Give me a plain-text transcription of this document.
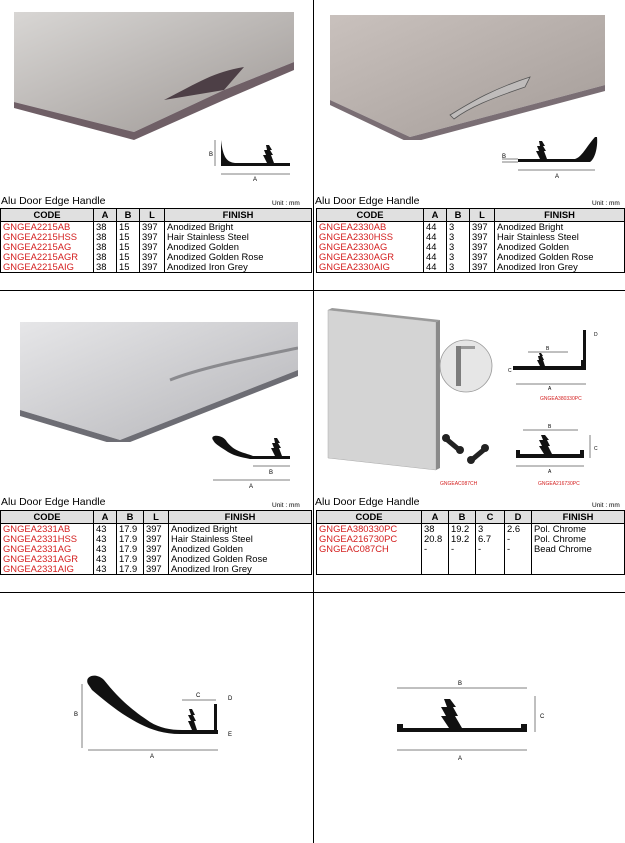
B
A
Alu Door Edge Handle	Unit : mm
CODE	A	B	L	FINISH
GNGEA2215AB	38	15	397	Anodized Bright
GNGEA2215HSS	38	15	397	Hair Stainless Steel
GNGEA2215AG	38	15	397	Anodized Golden
GNGEA2215AGR	38	15	397	Anodized Golden Rose
GNGEA2215AIG	38	15	397	Anodized Iron Grey
B
A
Alu Door Edge Handle	Unit : mm
CODE	A	B	L	FINISH
GNGEA2330AB	44	3	397	Anodized Bright
GNGEA2330HSS	44	3	397	Hair Stainless Steel
GNGEA2330AG	44	3	397	Anodized Golden
GNGEA2330AGR	44	3	397	Anodized Golden Rose
GNGEA2330AIG	44	3	397	Anodized Iron Grey
B
A
Alu Door Edge Handle	Unit : mm
CODE	A	B	L	FINISH
GNGEA2331AB	43	17.9	397	Anodized Bright
GNGEA2331HSS	43	17.9	397	Hair Stainless Steel
GNGEA2331AG	43	17.9	397	Anodized Golden
GNGEA2331AGR	43	17.9	397	Anodized Golden Rose
GNGEA2331AIG	43	17.9	397	Anodized Iron Grey
GNGEAC087CH
B
A
C
D
GNGEA380330PC
B
C
A
GNGEA216730PC
Alu Door Edge Handle	Unit : mm
CODE	A	B	C	D	FINISH
GNGEA380330PC	38	19.2	3	2.6	Pol. Chrome
GNGEA216730PC	20.8	19.2	6.7	-	Pol. Chrome
GNGEAC087CH	-	-	-	-	Bead Chrome

B
C	D
E
A
B
C
A
